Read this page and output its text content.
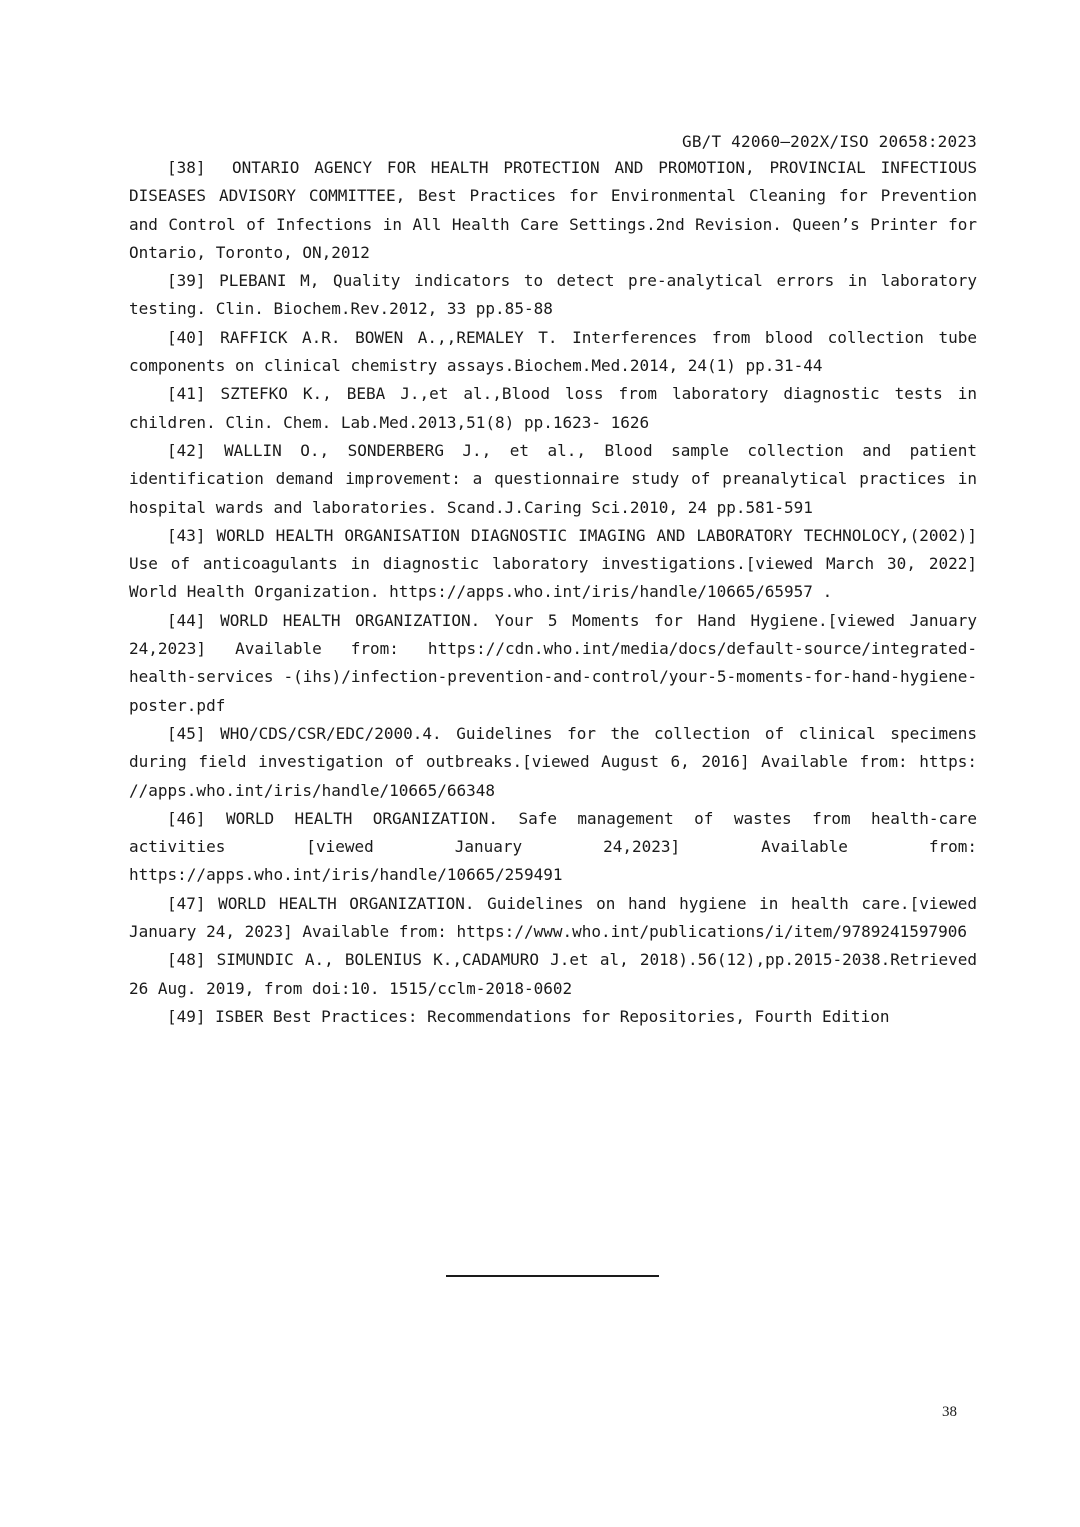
GB/T 42060—202X/ISO 20658:2023

[38]　ONTARIO AGENCY FOR HEALTH PROTECTION AND PROMOTION, PROVINCIAL INFECTIOUS DISEASES ADVISORY COMMITTEE, Best Practices for Environmental Cleaning for Prevention and Control of Infections in All Health Care Settings.2nd Revision. Queen’s Printer for Ontario, Toronto, ON,2012

[39] PLEBANI M, Quality indicators to detect pre-analytical errors in laboratory testing. Clin. Biochem.Rev.2012, 33 pp.85-88

[40] RAFFICK A.R. BOWEN A.,,REMALEY T. Interferences from blood collection tube components on clinical chemistry assays.Biochem.Med.2014, 24(1) pp.31-44

[41] SZTEFKO K., BEBA J.,et al.,Blood loss from laboratory diagnostic tests in children. Clin. Chem. Lab.Med.2013,51(8) pp.1623- 1626

[42] WALLIN O., SONDERBERG J., et al., Blood sample collection and patient identification demand improvement: a questionnaire study of preanalytical practices in hospital wards and laboratories. Scand.J.Caring Sci.2010, 24 pp.581-591

[43] WORLD HEALTH ORGANISATION DIAGNOSTIC IMAGING AND LABORATORY TECHNOLOCY,(2002)] Use of anticoagulants in diagnostic laboratory investigations.[viewed March 30, 2022] World Health Organization. https://apps.who.int/iris/handle/10665/65957 .

[44] WORLD HEALTH ORGANIZATION. Your 5 Moments for Hand Hygiene.[viewed January 24,2023] Available from: https://cdn.who.int/media/docs/default-source/integrated-health-services -(ihs)/infection-prevention-and-control/your-5-moments-for-hand-hygiene-poster.pdf

[45] WHO/CDS/CSR/EDC/2000.4. Guidelines for the collection of clinical specimens during field investigation of outbreaks.[viewed August 6, 2016] Available from: https: //apps.who.int/iris/handle/10665/66348

[46] WORLD HEALTH ORGANIZATION. Safe management of wastes from health-care activities [viewed January 24,2023] Available from: https://apps.who.int/iris/handle/10665/259491

[47] WORLD HEALTH ORGANIZATION. Guidelines on hand hygiene in health care.[viewed January 24, 2023] Available from: https://www.who.int/publications/i/item/9789241597906

[48] SIMUNDIC A., BOLENIUS K.,CADAMURO J.et al, 2018).56(12),pp.2015-2038.Retrieved 26 Aug. 2019, from doi:10. 1515/cclm-2018-0602

[49] ISBER Best Practices: Recommendations for Repositories, Fourth Edition

38
